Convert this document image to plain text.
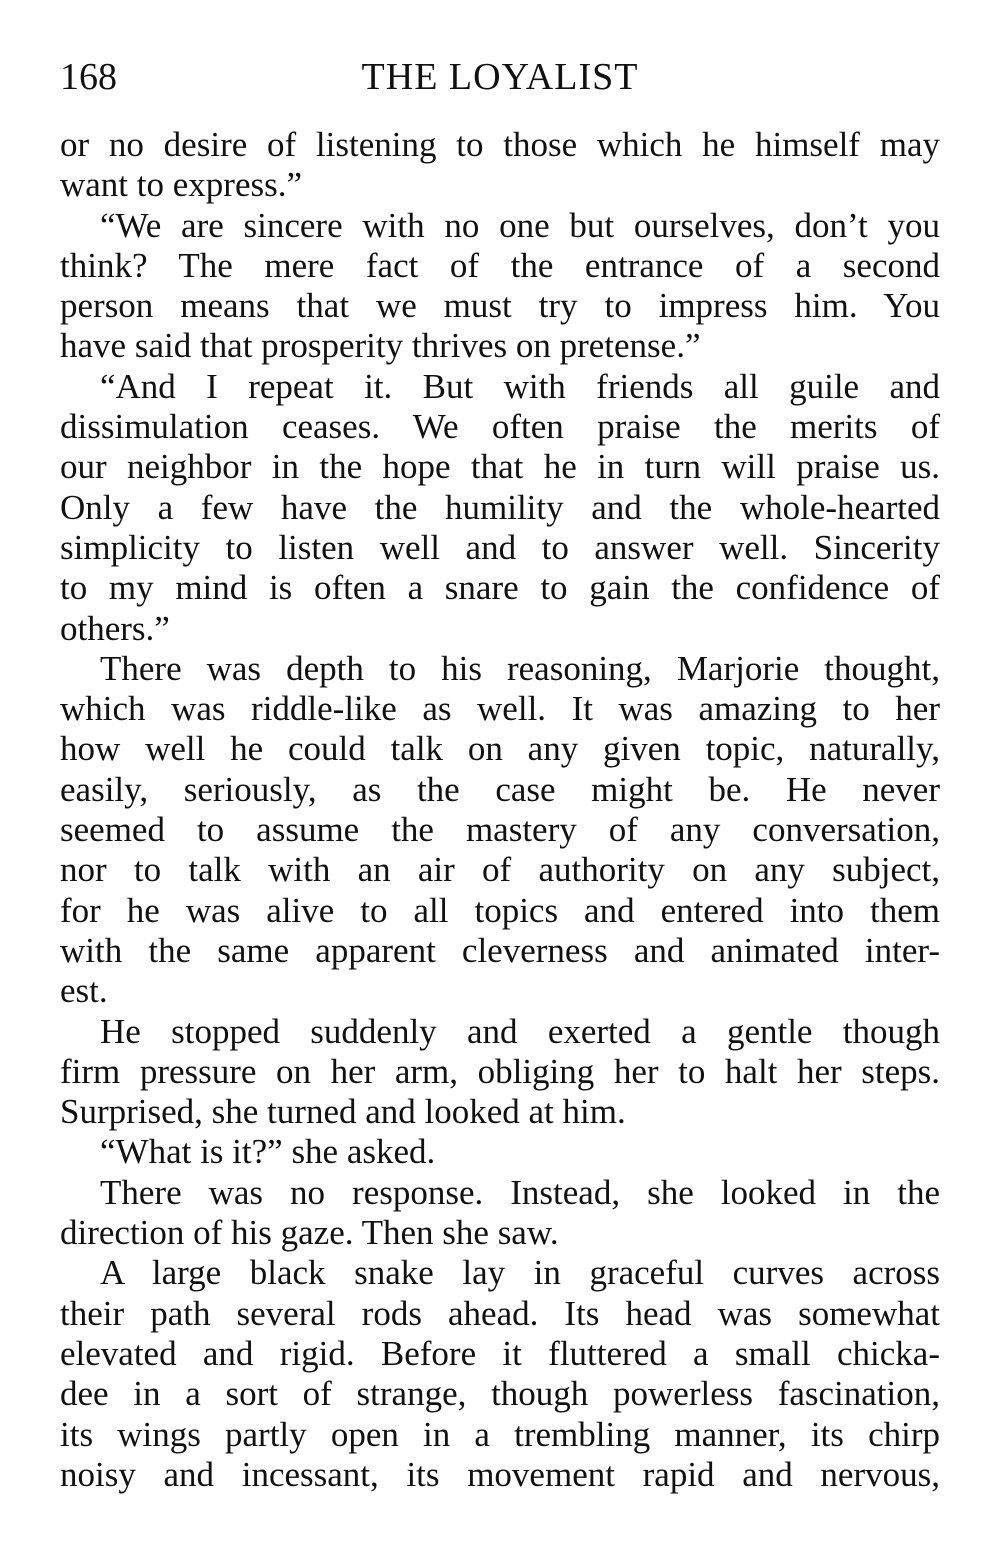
168	THE LOYALIST
or no desire of listening to those which he himself may
want to express.”
“We are sincere with no one but ourselves, don’t you
think? The mere fact of the entrance of a second
person means that we must try to impress him. You
have said that prosperity thrives on pretense.”
“And I repeat it. But with friends all guile and
dissimulation ceases. We often praise the merits of
our neighbor in the hope that he in turn will praise us.
Only a few have the humility and the whole-hearted
simplicity to listen well and to answer well. Sincerity
to my mind is often a snare to gain the confidence of
others.”
There was depth to his reasoning, Marjorie thought,
which was riddle-like as well. It was amazing to her
how well he could talk on any given topic, naturally,
easily, seriously, as the case might be. He never
seemed to assume the mastery of any conversation,
nor to talk with an air of authority on any subject,
for he was alive to all topics and entered into them
with the same apparent cleverness and animated inter-
est.
He stopped suddenly and exerted a gentle though
firm pressure on her arm, obliging her to halt her steps.
Surprised, she turned and looked at him.
“What is it?” she asked.
There was no response. Instead, she looked in the
direction of his gaze. Then she saw.
A large black snake lay in graceful curves across
their path several rods ahead. Its head was somewhat
elevated and rigid. Before it fluttered a small chicka-
dee in a sort of strange, though powerless fascination,
its wings partly open in a trembling manner, its chirp
noisy and incessant, its movement rapid and nervous,
